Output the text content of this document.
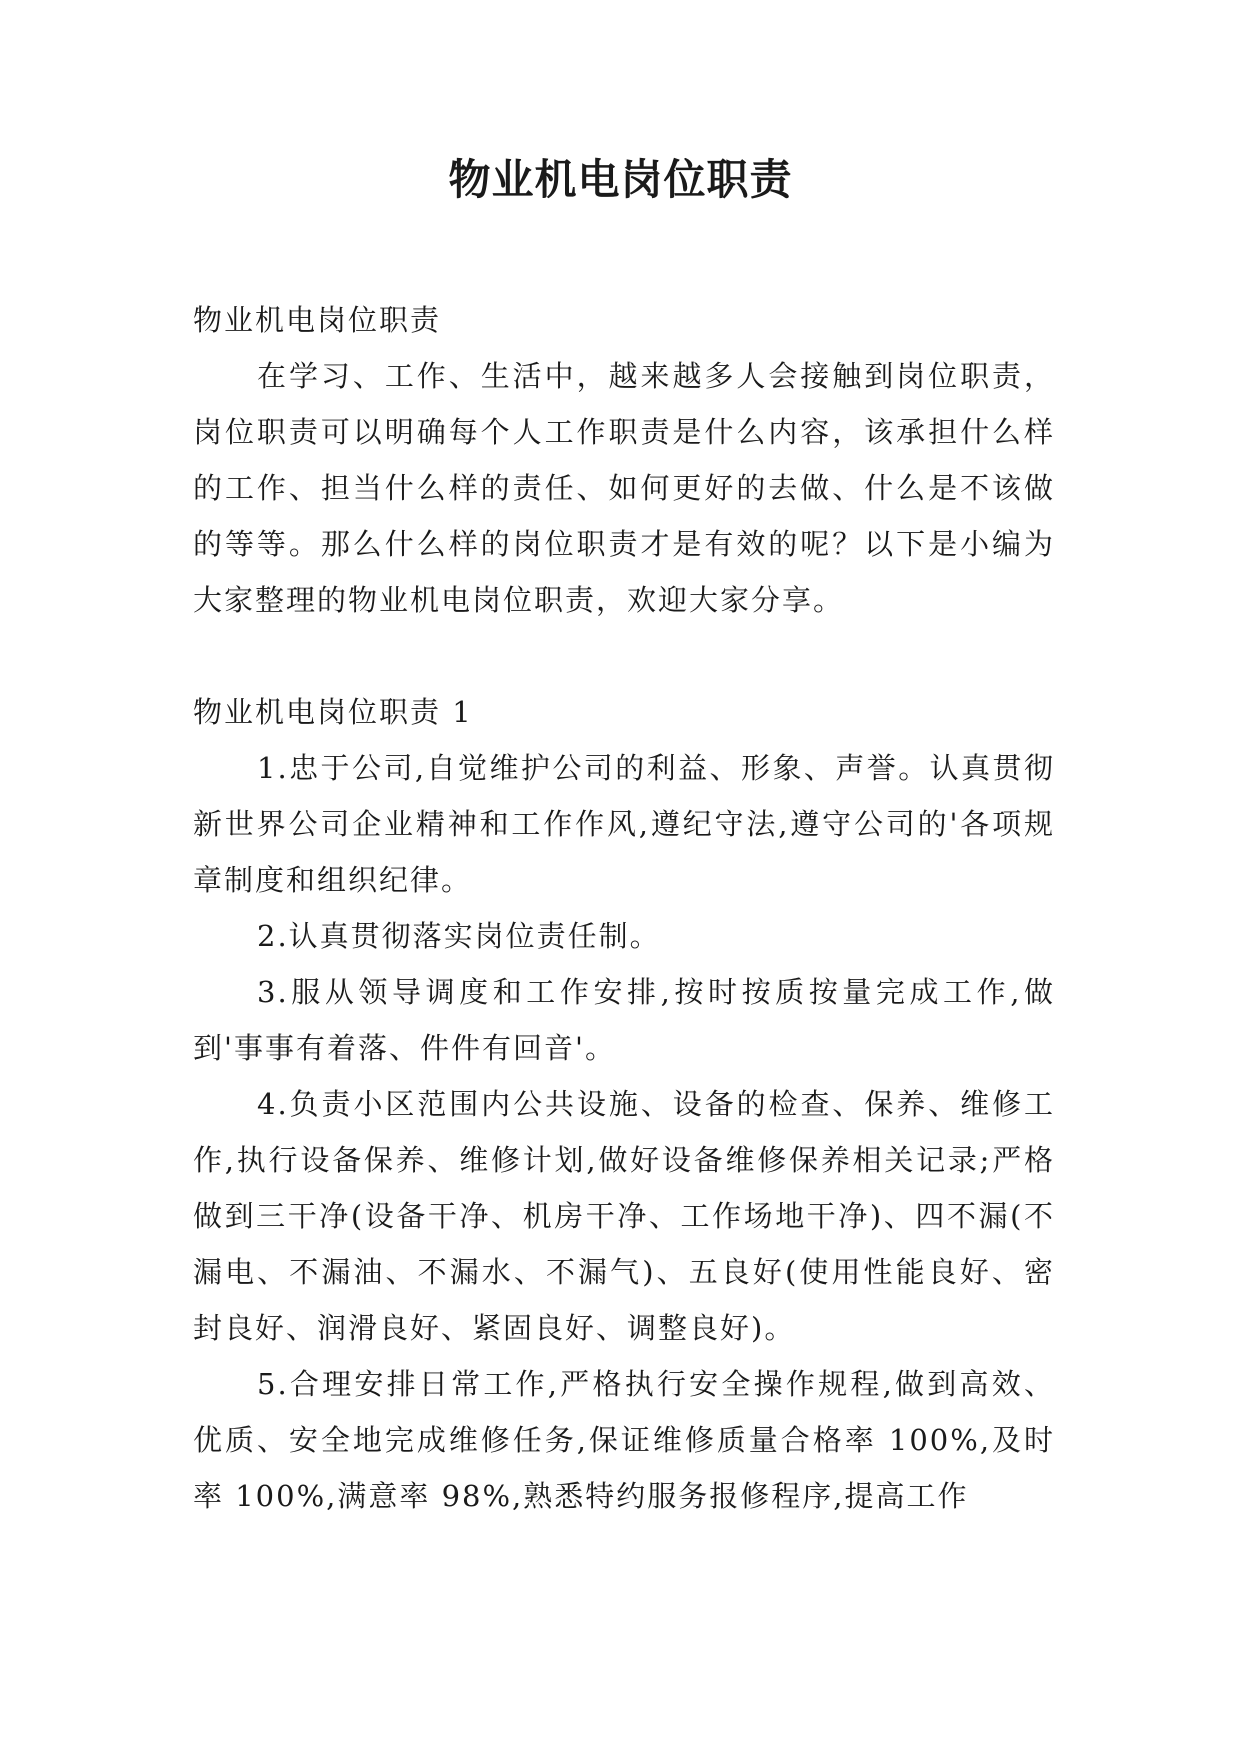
物业机电岗位职责

物业机电岗位职责

在学习、工作、生活中，越来越多人会接触到岗位职责，岗位职责可以明确每个人工作职责是什么内容，该承担什么样的工作、担当什么样的责任、如何更好的去做、什么是不该做的等等。那么什么样的岗位职责才是有效的呢？以下是小编为大家整理的物业机电岗位职责，欢迎大家分享。

物业机电岗位职责 1

1.忠于公司,自觉维护公司的利益、形象、声誉。认真贯彻新世界公司企业精神和工作作风,遵纪守法,遵守公司的'各项规章制度和组织纪律。

2.认真贯彻落实岗位责任制。

3.服从领导调度和工作安排,按时按质按量完成工作,做到'事事有着落、件件有回音'。

4.负责小区范围内公共设施、设备的检查、保养、维修工作,执行设备保养、维修计划,做好设备维修保养相关记录;严格做到三干净(设备干净、机房干净、工作场地干净)、四不漏(不漏电、不漏油、不漏水、不漏气)、五良好(使用性能良好、密封良好、润滑良好、紧固良好、调整良好)。

5.合理安排日常工作,严格执行安全操作规程,做到高效、优质、安全地完成维修任务,保证维修质量合格率 100%,及时率 100%,满意率 98%,熟悉特约服务报修程序,提高工作
